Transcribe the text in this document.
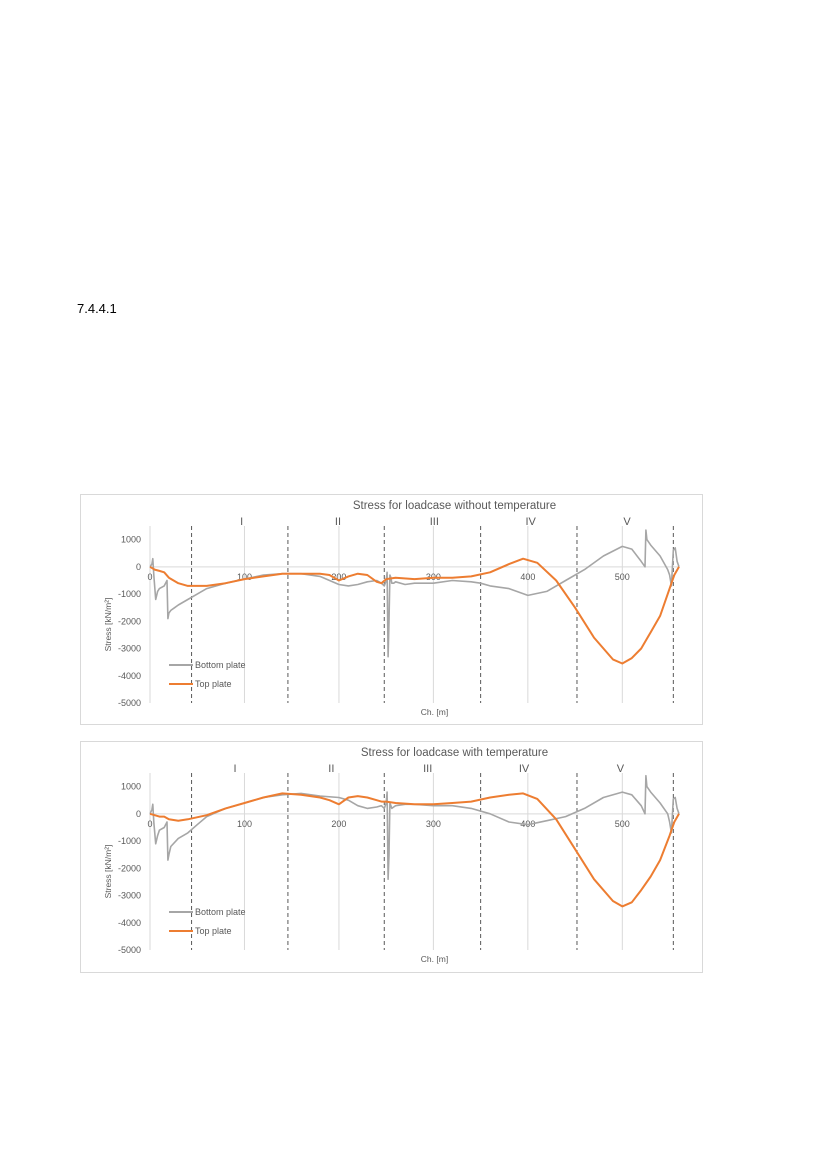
7.4.4.1
I	II	III	IV	V
1000
0
-1000
-2000
-3000
-4000
-5000
0	100	200	300	400	500
Stress for loadcase without temperature
Ch. [m]
Stress [kN/m²]
Bottom plate
Top plate
I	II	III	IV	V
1000
0
-1000
-2000
-3000
-4000
-5000
0	100	200	300	400	500
Stress for loadcase with temperature
Ch. [m]
Stress [kN/m²]
Bottom plate
Top plate
